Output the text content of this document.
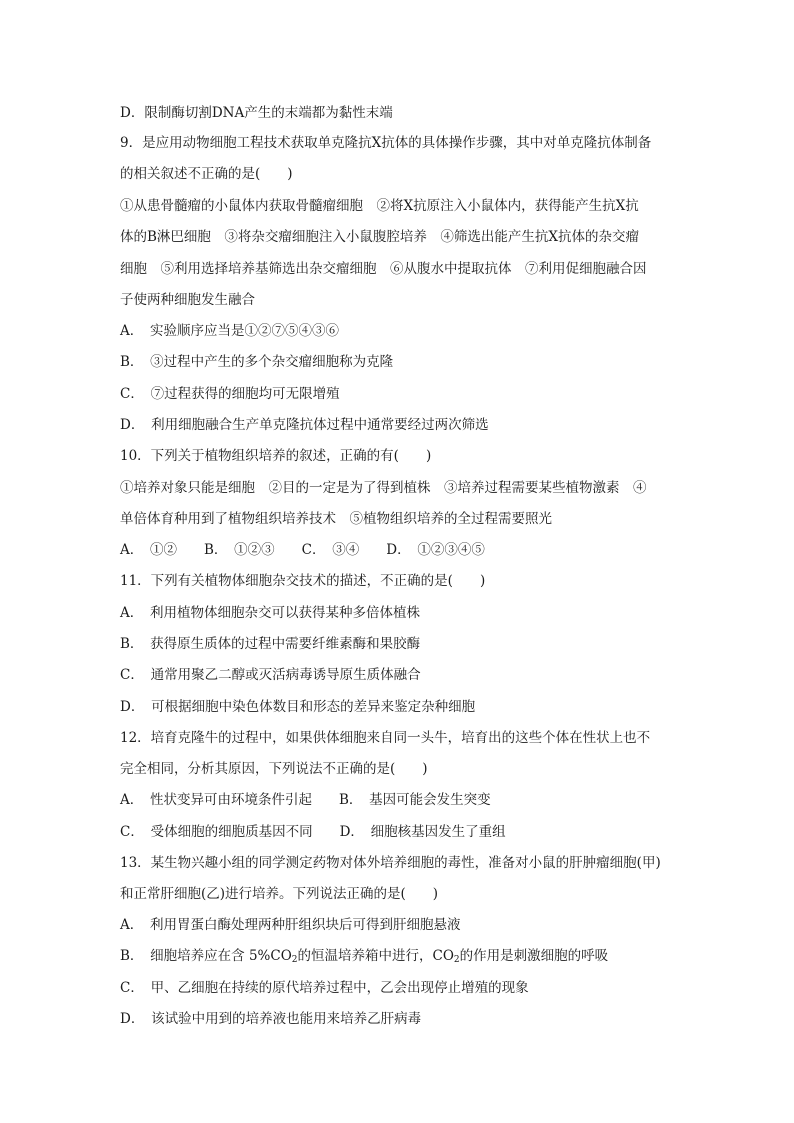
D．限制酶切割DNA产生的末端都为黏性末端
9．是应用动物细胞工程技术获取单克隆抗X抗体的具体操作步骤，其中对单克隆抗体制备
的相关叙述不正确的是(　　)
①从患骨髓瘤的小鼠体内获取骨髓瘤细胞　②将X抗原注入小鼠体内，获得能产生抗X抗
体的B淋巴细胞　③将杂交瘤细胞注入小鼠腹腔培养　④筛选出能产生抗X抗体的杂交瘤
细胞　⑤利用选择培养基筛选出杂交瘤细胞　⑥从腹水中提取抗体　⑦利用促细胞融合因
子使两种细胞发生融合
A．　实验顺序应当是①②⑦⑤④③⑥
B．　③过程中产生的多个杂交瘤细胞称为克隆
C．　⑦过程获得的细胞均可无限增殖
D．　利用细胞融合生产单克隆抗体过程中通常要经过两次筛选
10．下列关于植物组织培养的叙述，正确的有(　　)
①培养对象只能是细胞　②目的一定是为了得到植株　③培养过程需要某些植物激素　④
单倍体育种用到了植物组织培养技术　⑤植物组织培养的全过程需要照光
A．　①②　　B．　①②③　　C．　③④　　D．　①②③④⑤
11．下列有关植物体细胞杂交技术的描述，不正确的是(　　)
A．　利用植物体细胞杂交可以获得某种多倍体植株
B．　获得原生质体的过程中需要纤维素酶和果胶酶
C．　通常用聚乙二醇或灭活病毒诱导原生质体融合
D．　可根据细胞中染色体数目和形态的差异来鉴定杂种细胞
12．培育克隆牛的过程中，如果供体细胞来自同一头牛，培育出的这些个体在性状上也不
完全相同，分析其原因，下列说法不正确的是(　　)
A．　性状变异可由环境条件引起　　B．　基因可能会发生突变
C．　受体细胞的细胞质基因不同　　D．　细胞核基因发生了重组
13．某生物兴趣小组的同学测定药物对体外培养细胞的毒性，准备对小鼠的肝肿瘤细胞(甲)
和正常肝细胞(乙)进行培养。下列说法正确的是(　　)
A．　利用胃蛋白酶处理两种肝组织块后可得到肝细胞悬液
B．　细胞培养应在含 $5\%CO_2$的恒温培养箱中进行，$CO_2$的作用是刺激细胞的呼吸
C．　甲、乙细胞在持续的原代培养过程中，乙会出现停止增殖的现象
D．　该试验中用到的培养液也能用来培养乙肝病毒
